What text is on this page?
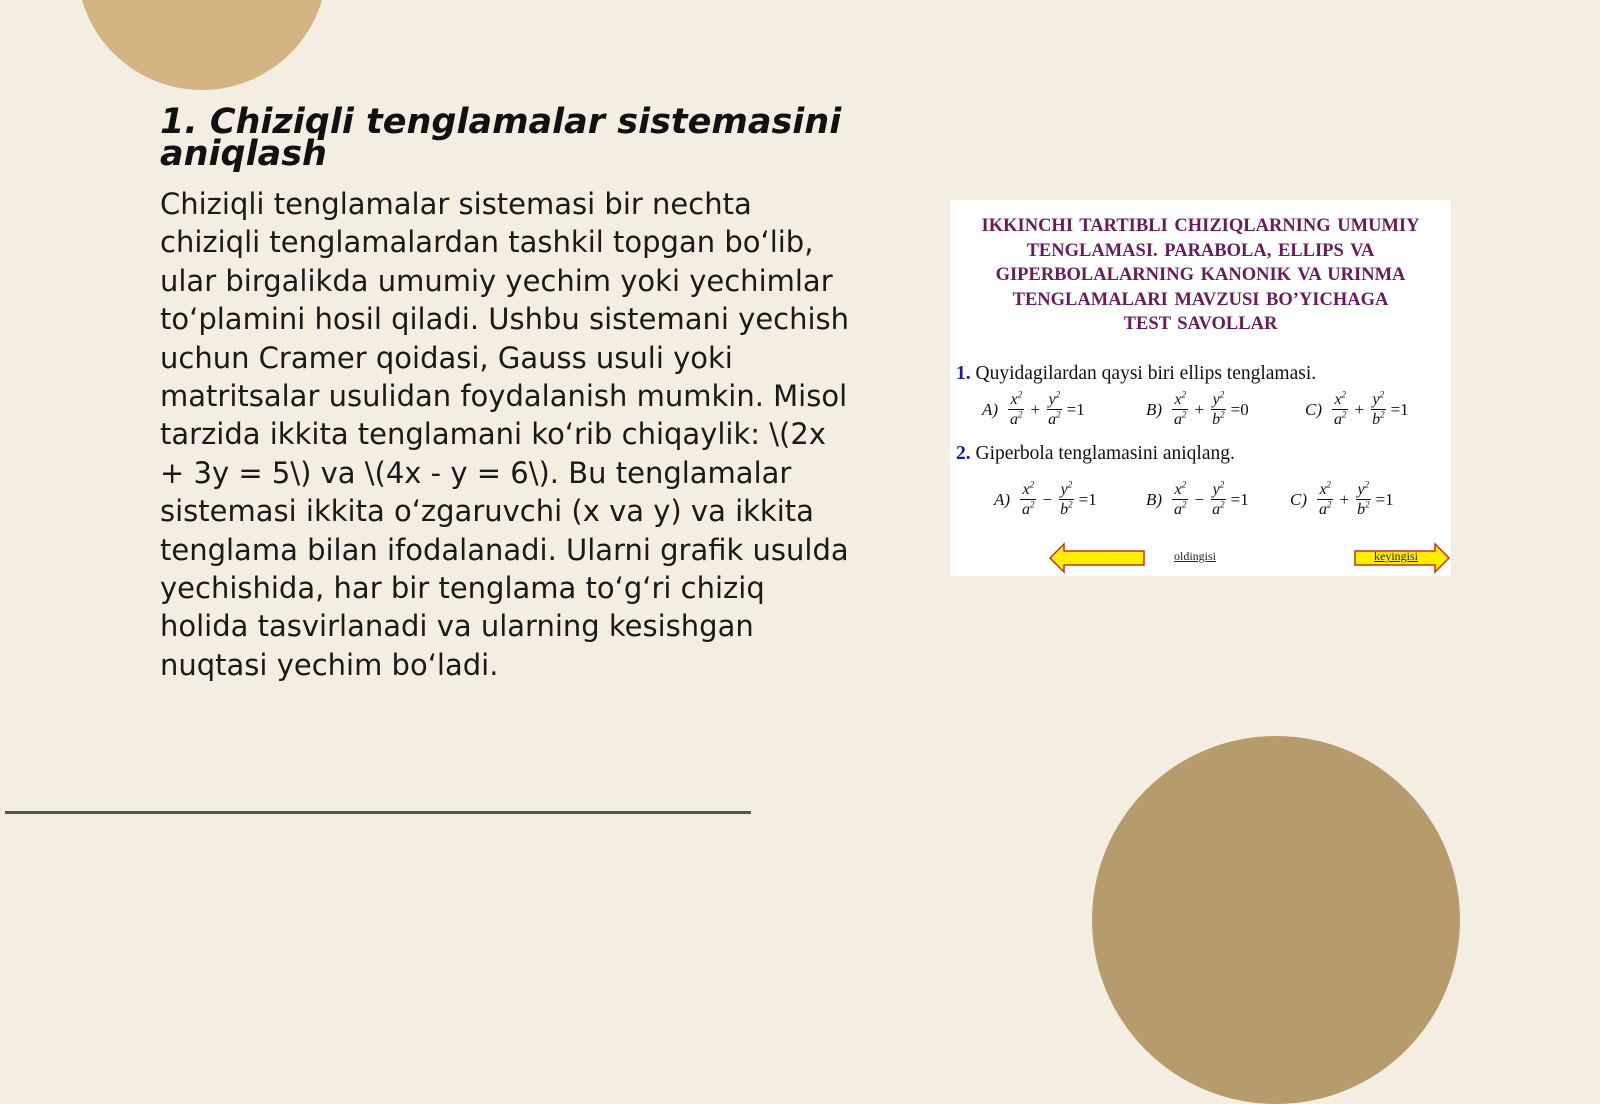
1. Chiziqli tenglamalar sistemasini aniqlash

Chiziqli tenglamalar sistemasi bir nechta chiziqli tenglamalardan tashkil topgan bo‘lib, ular birgalikda umumiy yechim yoki yechimlar to‘plamini hosil qiladi. Ushbu sistemani yechish uchun Cramer qoidasi, Gauss usuli yoki matritsalar usulidan foydalanish mumkin. Misol tarzida ikkita tenglamani ko‘rib chiqaylik: \(2x + 3y = 5\) va \(4x - y = 6\). Bu tenglamalar sistemasi ikkita o‘zgaruvchi (x va y) va ikkita tenglama bilan ifodalanadi. Ularni grafik usulda yechishida, har bir tenglama to‘g‘ri chiziq holida tasvirlanadi va ularning kesishgan nuqtasi yechim bo‘ladi.

IKKINCHI TARTIBLI CHIZIQLARNING UMUMIY
TENGLAMASI. PARABOLA, ELLIPS VA
GIPERBOLALARNING KANONIK VA URINMA
TENGLAMALARI MAVZUSI BO’YICHAGA
TEST SAVOLLAR
1. Quyidagilardan qaysi biri ellips tenglamasi.
$A) \frac{x^2}{a^2} + \frac{y^2}{a^2} =1$	$B) \frac{x^2}{a^2} + \frac{y^2}{b^2} =0$	$C) \frac{x^2}{a^2} + \frac{y^2}{b^2} =1$
2. Giperbola tenglamasini aniqlang.
$A) \frac{x^2}{a^2} - \frac{y^2}{b^2} =1$	$B) \frac{x^2}{a^2} - \frac{y^2}{a^2} =1$ $C) \frac{x^2}{a^2} + \frac{y^2}{b^2} =1$
oldingisi	keyingisi
